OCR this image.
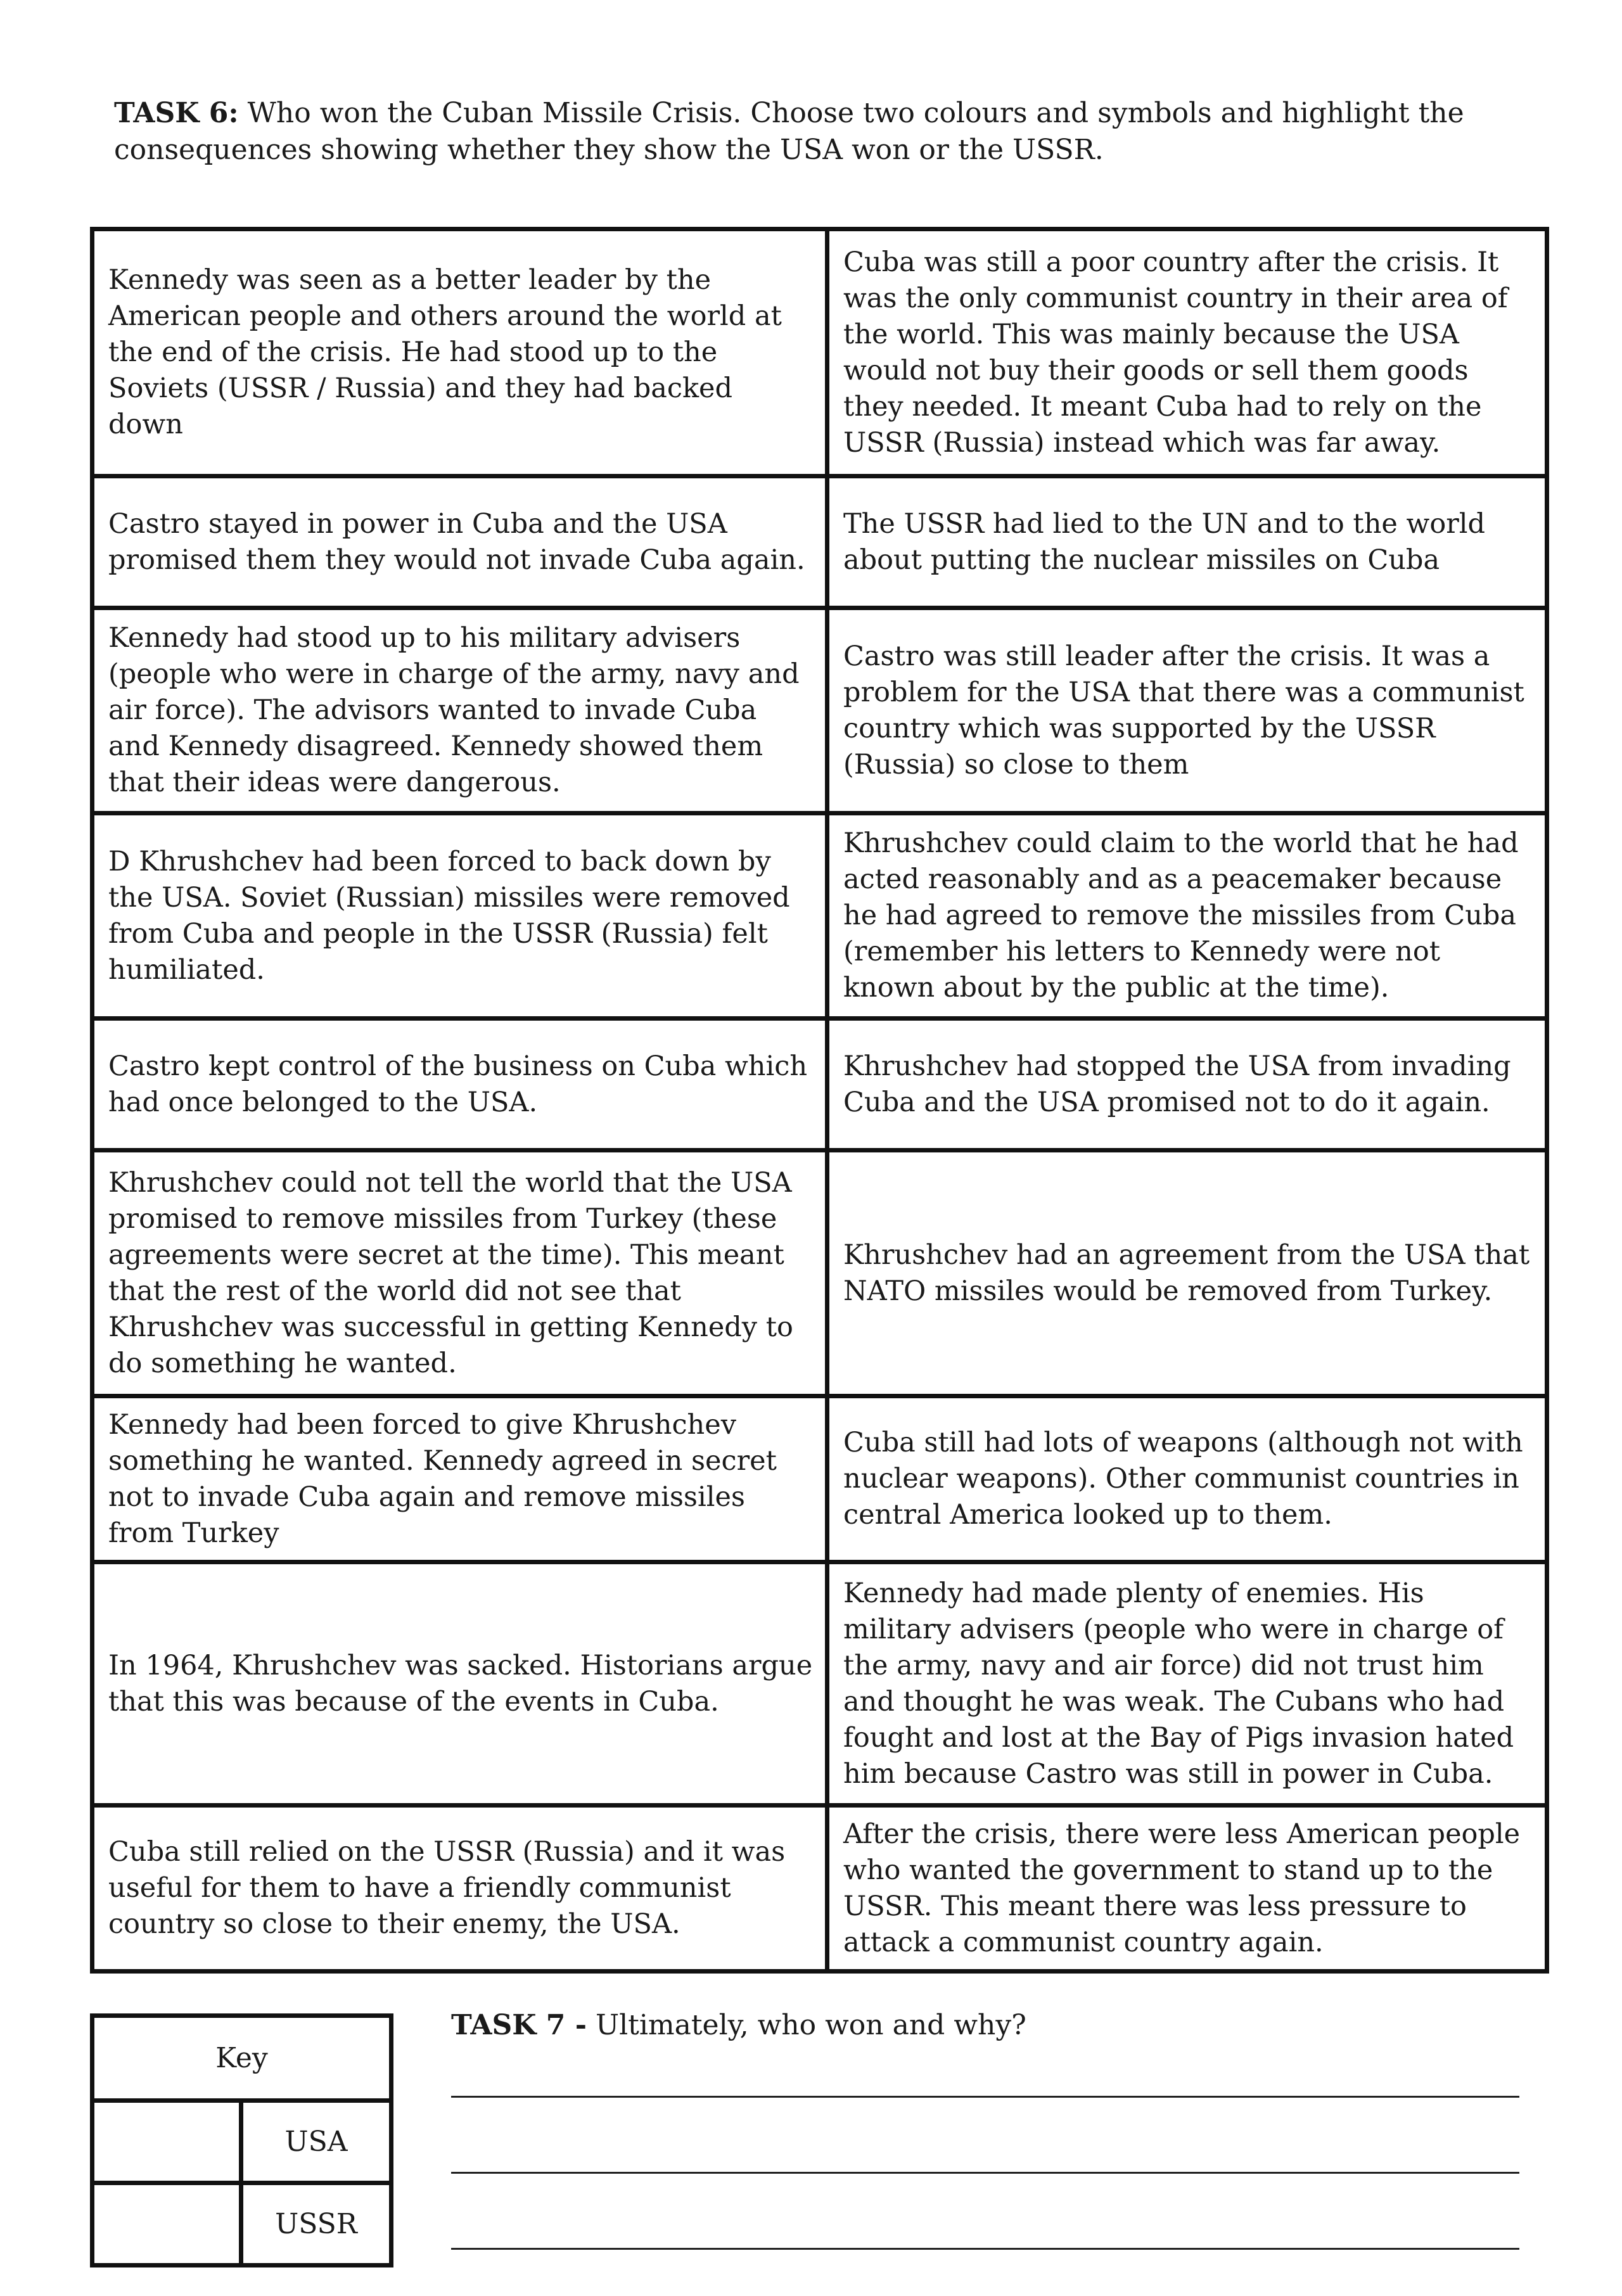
TASK 6: Who won the Cuban Missile Crisis. Choose two colours and symbols and highlight the consequences showing whether they show the USA won or the USSR.

Kennedy was seen as a better leader by the American people and others around the world at the end of the crisis. He had stood up to the Soviets (USSR / Russia) and they had backed down	Cuba was still a poor country after the crisis. It was the only communist country in their area of the world. This was mainly because the USA would not buy their goods or sell them goods they needed. It meant Cuba had to rely on the USSR (Russia) instead which was far away.
Castro stayed in power in Cuba and the USA promised them they would not invade Cuba again.	The USSR had lied to the UN and to the world about putting the nuclear missiles on Cuba
Kennedy had stood up to his military advisers (people who were in charge of the army, navy and air force). The advisors wanted to invade Cuba and Kennedy disagreed. Kennedy showed them that their ideas were dangerous.	Castro was still leader after the crisis. It was a problem for the USA that there was a communist country which was supported by the USSR (Russia) so close to them
D Khrushchev had been forced to back down by the USA. Soviet (Russian) missiles were removed from Cuba and people in the USSR (Russia) felt humiliated.	Khrushchev could claim to the world that he had acted reasonably and as a peacemaker because he had agreed to remove the missiles from Cuba (remember his letters to Kennedy were not known about by the public at the time).
Castro kept control of the business on Cuba which had once belonged to the USA.	Khrushchev had stopped the USA from invading Cuba and the USA promised not to do it again.
Khrushchev could not tell the world that the USA promised to remove missiles from Turkey (these agreements were secret at the time). This meant that the rest of the world did not see that Khrushchev was successful in getting Kennedy to do something he wanted.	Khrushchev had an agreement from the USA that NATO missiles would be removed from Turkey.
Kennedy had been forced to give Khrushchev something he wanted. Kennedy agreed in secret not to invade Cuba again and remove missiles from Turkey	Cuba still had lots of weapons (although not with nuclear weapons). Other communist countries in central America looked up to them.
In 1964, Khrushchev was sacked. Historians argue that this was because of the events in Cuba.	Kennedy had made plenty of enemies. His military advisers (people who were in charge of the army, navy and air force) did not trust him and thought he was weak. The Cubans who had fought and lost at the Bay of Pigs invasion hated him because Castro was still in power in Cuba.
Cuba still relied on the USSR (Russia) and it was useful for them to have a friendly communist country so close to their enemy, the USA.	After the crisis, there were less American people who wanted the government to stand up to the USSR. This meant there was less pressure to attack a communist country again.
Key	
	USA
	USSR

TASK 7 - Ultimately, who won and why?
